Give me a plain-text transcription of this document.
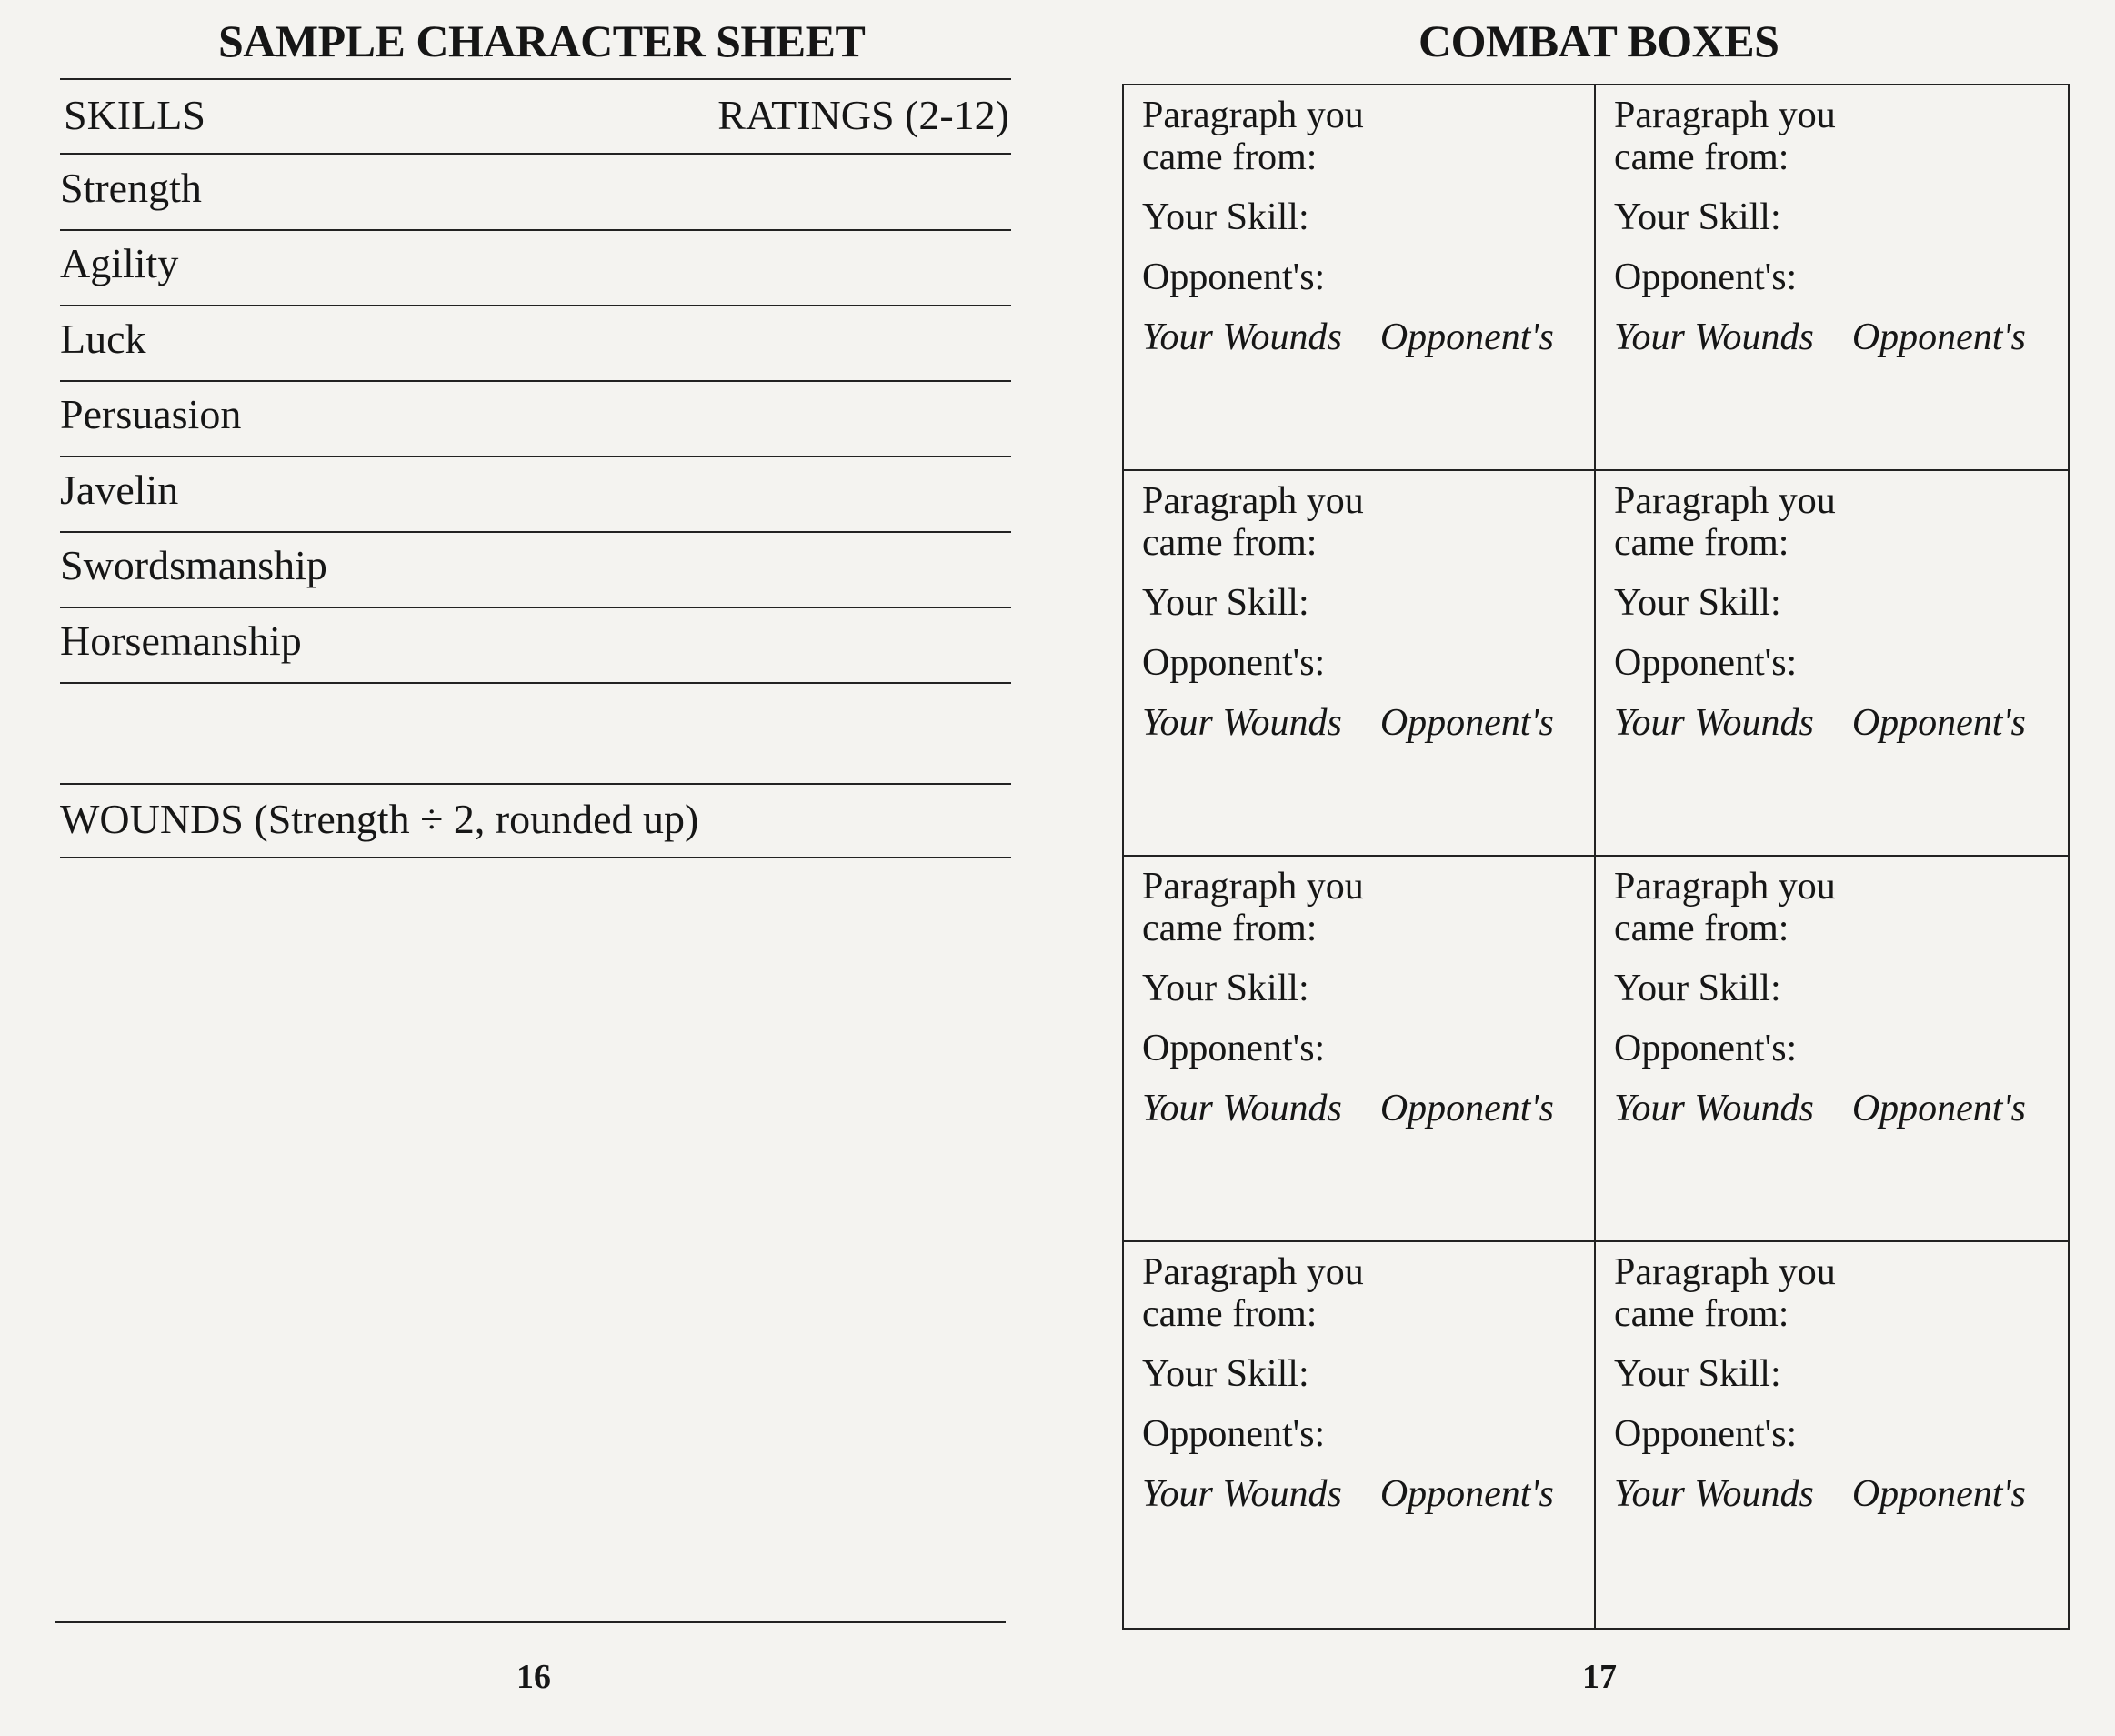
SAMPLE CHARACTER SHEET
SKILLS	RATINGS (2-12)
Strength
Agility
Luck
Persuasion
Javelin
Swordsmanship
Horsemanship
WOUNDS (Strength ÷ 2, rounded up)
16
COMBAT BOXES

Paragraph you came from:

Your Skill:
Opponent's:
Your Wounds Opponent's

Paragraph you came from:

Your Skill:
Opponent's:
Your Wounds Opponent's

Paragraph you came from:

Your Skill:
Opponent's:
Your Wounds Opponent's

Paragraph you came from:

Your Skill:
Opponent's:
Your Wounds Opponent's

Paragraph you came from:

Your Skill:
Opponent's:
Your Wounds Opponent's

Paragraph you came from:

Your Skill:
Opponent's:
Your Wounds Opponent's

Paragraph you came from:

Your Skill:
Opponent's:
Your Wounds Opponent's

Paragraph you came from:

Your Skill:
Opponent's:
Your Wounds Opponent's
17
